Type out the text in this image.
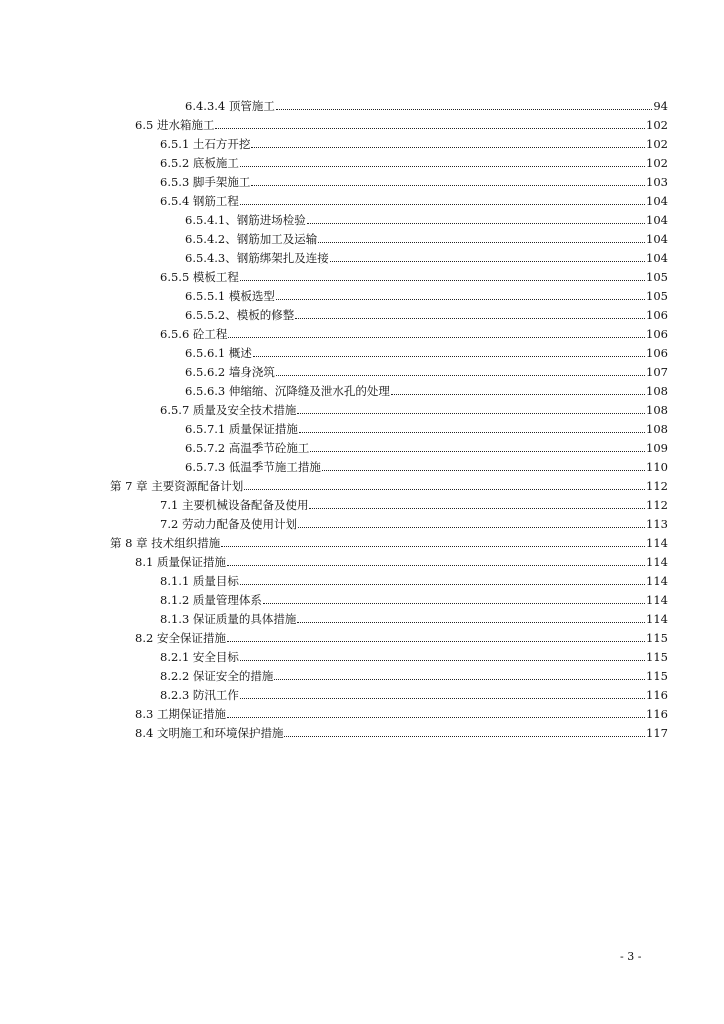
6.4.3.4 顶管施工	94
6.5 进水箱施工	102
6.5.1 土石方开挖	102
6.5.2 底板施工	102
6.5.3 脚手架施工	103
6.5.4 钢筋工程	104
6.5.4.1、钢筋进场检验	104
6.5.4.2、钢筋加工及运输	104
6.5.4.3、钢筋绑架扎及连接	104
6.5.5 模板工程	105
6.5.5.1 模板选型	105
6.5.5.2、模板的修整	106
6.5.6 砼工程	106
6.5.6.1 概述	106
6.5.6.2 墙身浇筑	107
6.5.6.3 伸缩缩、沉降缝及泄水孔的处理	108
6.5.7 质量及安全技术措施	108
6.5.7.1 质量保证措施	108
6.5.7.2 高温季节砼施工	109
6.5.7.3 低温季节施工措施	110
第 7 章 主要资源配备计划	112
7.1 主要机械设备配备及使用	112
7.2 劳动力配备及使用计划	113
第 8 章 技术组织措施	114
8.1 质量保证措施	114
8.1.1 质量目标	114
8.1.2 质量管理体系	114
8.1.3 保证质量的具体措施	114
8.2 安全保证措施	115
8.2.1 安全目标	115
8.2.2 保证安全的措施	115
8.2.3 防汛工作	116
8.3 工期保证措施	116
8.4 文明施工和环境保护措施	117
- 3 -
